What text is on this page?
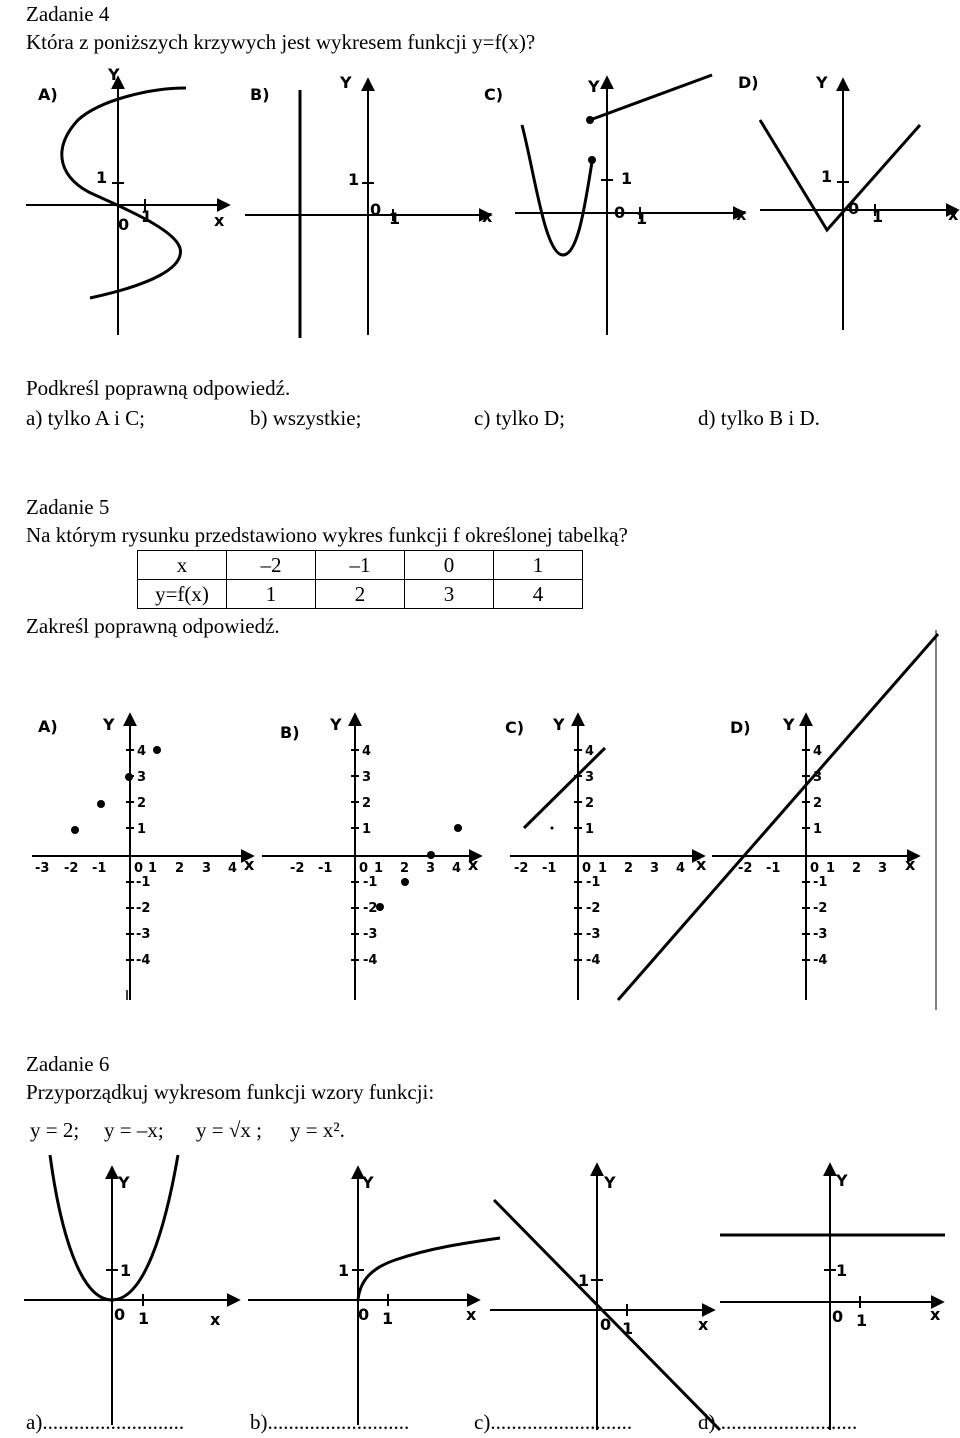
Zadanie 4
Która z poniższych krzywych jest wykresem funkcji y=f(x)?
A)	B)	C)
D)
Y
x
1
0 1
Y
x
1
0 1
Y
x
1
0 1
Y
x
1
0 1
A)	B)	C)	D)
Y
x
Y
x
Y
x
Y
x
Y
x
1
0 1
Y
x
1
0 1
Y
x
1
0 1
Y
x
1
0 1
4
3
2
1
0 1 2 3 4
-3 -2 -1
-1
-2
-3
-4
4
3
2
1
0 1 2 3 4
-2 -1
-1
-2
-3
-4
4
3
2
1
0 1 2 3 4
-2 -1
-1
-2
-3
-4
4
3
2
1
0 1 2 3
-2 -1
-1
-2
-3
-4
Podkreśl poprawną odpowiedź.
a) tylko A i C;	b) wszystkie;	c) tylko D;	d) tylko B i D.
Zadanie 5
Na którym rysunku przedstawiono wykres funkcji f określonej tabelką?
x	–2	–1	0	1
y=f(x)	1	2	3	4
Zakreśl poprawną odpowiedź.
Zadanie 6
Przyporządkuj wykresom funkcji wzory funkcji:
y = 2; y = –x; y = √x ; y = x².
a)...........................	b)...........................	c)...........................	d)...........................
